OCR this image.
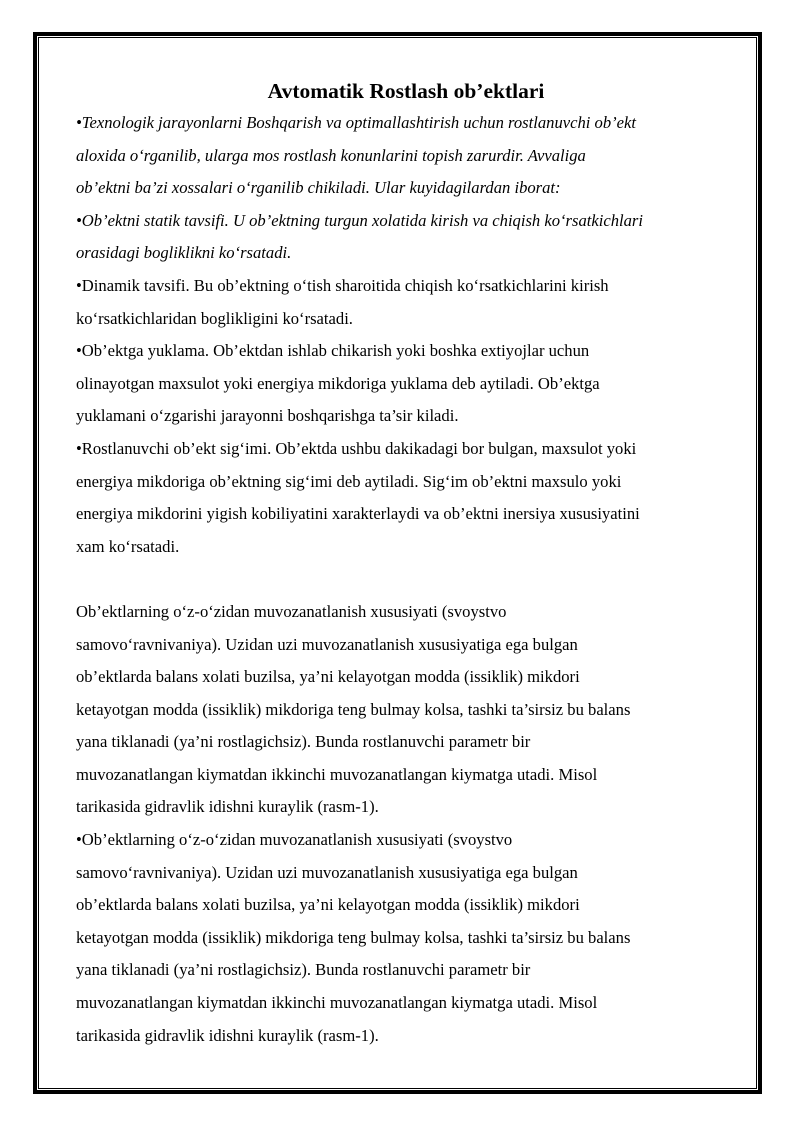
Avtomatik Rostlash ob’ektlari
•Texnologik jarayonlarni Boshqarish va optimallashtirish uchun rostlanuvchi ob’ekt
aloxida o‘rganilib, ularga mos rostlash konunlarini topish zarurdir. Avvaliga
ob’ektni ba’zi xossalari o‘rganilib chikiladi. Ular kuyidagilardan iborat:
•Ob’ektni statik tavsifi. U ob’ektning turgun xolatida kirish va chiqish ko‘rsatkichlari
orasidagi bogliklikni ko‘rsatadi.
•Dinamik tavsifi. Bu ob’ektning o‘tish sharoitida chiqish ko‘rsatkichlarini kirish
ko‘rsatkichlaridan boglikligini ko‘rsatadi.
•Ob’ektga yuklama. Ob’ektdan ishlab chikarish yoki boshka extiyojlar uchun
olinayotgan maxsulot yoki energiya mikdoriga yuklama deb aytiladi. Ob’ektga
yuklamani o‘zgarishi jarayonni boshqarishga ta’sir kiladi.
•Rostlanuvchi ob’ekt sig‘imi. Ob’ektda ushbu dakikadagi bor bulgan, maxsulot yoki
energiya mikdoriga ob’ektning sig‘imi deb aytiladi. Sig‘im ob’ektni maxsulo yoki
energiya mikdorini yigish kobiliyatini xarakterlaydi va ob’ektni inersiya xususiyatini
xam ko‘rsatadi.
Ob’ektlarning o‘z-o‘zidan muvozanatlanish xususiyati (svoystvo
samovo‘ravnivaniya). Uzidan uzi muvozanatlanish xususiyatiga ega bulgan
ob’ektlarda balans xolati buzilsa, ya’ni kelayotgan modda (issiklik) mikdori
ketayotgan modda (issiklik) mikdoriga teng bulmay kolsa, tashki ta’sirsiz bu balans
yana tiklanadi (ya’ni rostlagichsiz). Bunda rostlanuvchi parametr bir
muvozanatlangan kiymatdan ikkinchi muvozanatlangan kiymatga utadi. Misol
tarikasida gidravlik idishni kuraylik (rasm-1).
•Ob’ektlarning o‘z-o‘zidan muvozanatlanish xususiyati (svoystvo
samovo‘ravnivaniya). Uzidan uzi muvozanatlanish xususiyatiga ega bulgan
ob’ektlarda balans xolati buzilsa, ya’ni kelayotgan modda (issiklik) mikdori
ketayotgan modda (issiklik) mikdoriga teng bulmay kolsa, tashki ta’sirsiz bu balans
yana tiklanadi (ya’ni rostlagichsiz). Bunda rostlanuvchi parametr bir
muvozanatlangan kiymatdan ikkinchi muvozanatlangan kiymatga utadi. Misol
tarikasida gidravlik idishni kuraylik (rasm-1).
